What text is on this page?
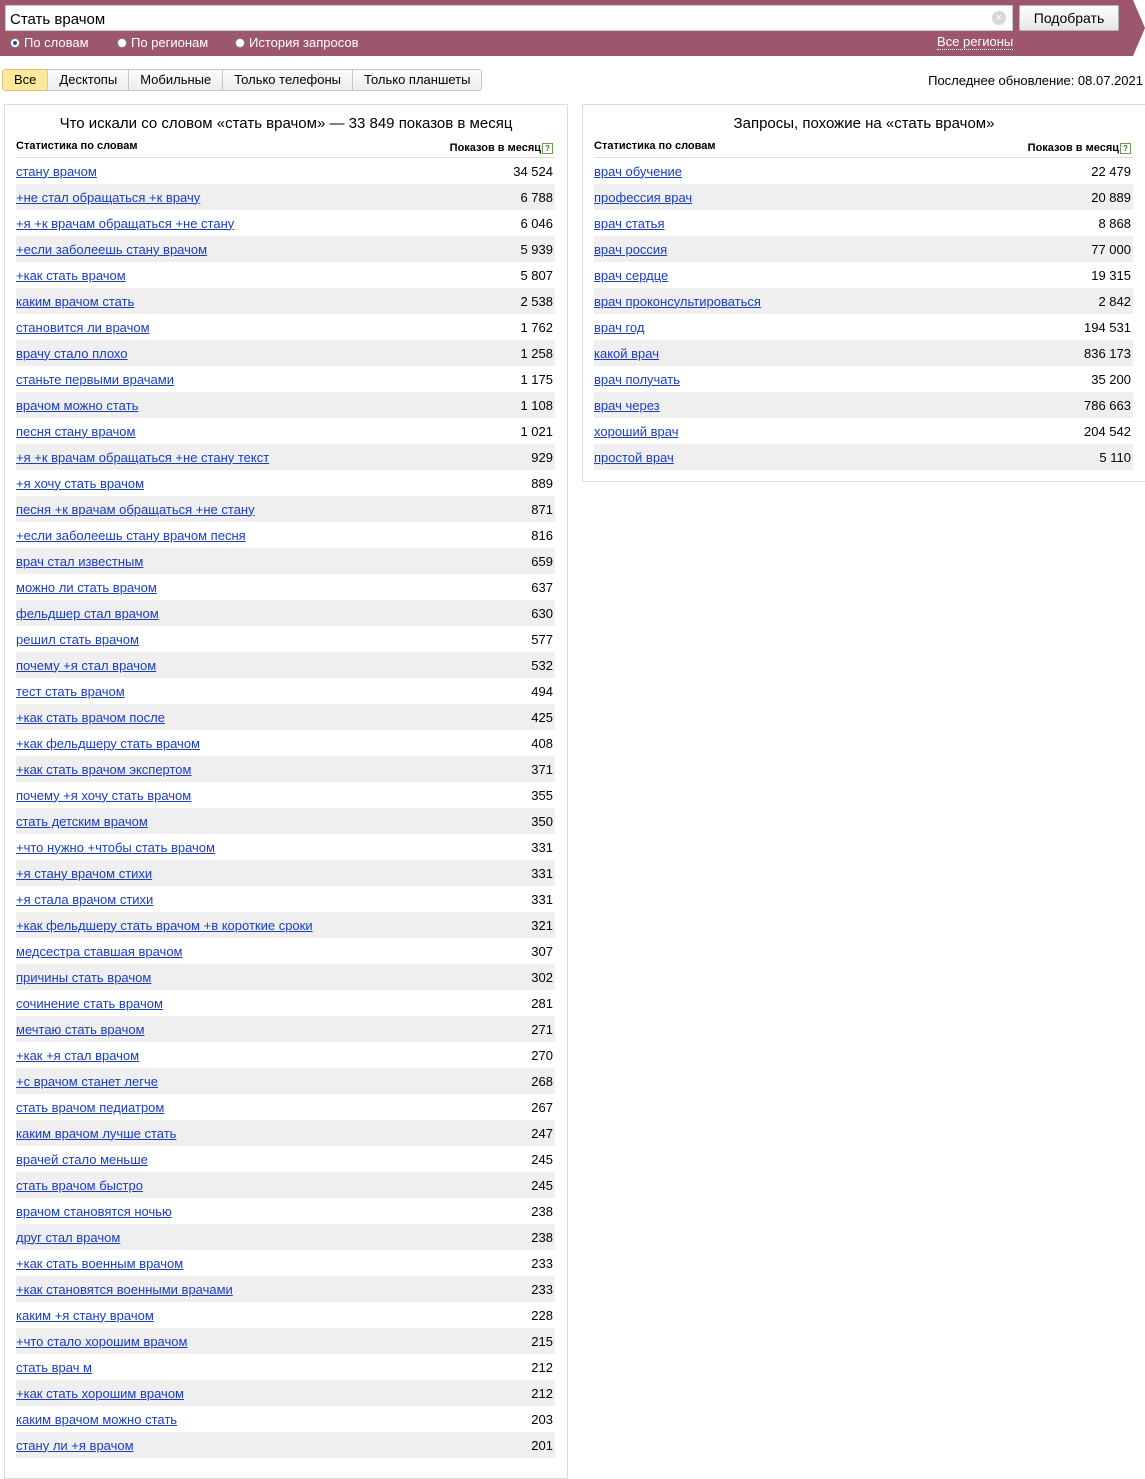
Стать врачом
×	Подобрать
По словам	По регионам	История запросов	Все регионы
Все	Десктопы	Мобильные	Только телефоны	Только планшеты	Последнее обновление: 08.07.2021
Что искали со словом «стать врачом» — 33 849 показов в месяц
Статистика по словам	Показов в месяц ?
стану врачом	34 524
+не стал обращаться +к врачу	6 788
+я +к врачам обращаться +не стану	6 046
+если заболеешь стану врачом	5 939
+как стать врачом	5 807
каким врачом стать	2 538
становится ли врачом	1 762
врачу стало плохо	1 258
станьте первыми врачами	1 175
врачом можно стать	1 108
песня стану врачом	1 021
+я +к врачам обращаться +не стану текст	929
+я хочу стать врачом	889
песня +к врачам обращаться +не стану	871
+если заболеешь стану врачом песня	816
врач стал известным	659
можно ли стать врачом	637
фельдшер стал врачом	630
решил стать врачом	577
почему +я стал врачом	532
тест стать врачом	494
+как стать врачом после	425
+как фельдшеру стать врачом	408
+как стать врачом экспертом	371
почему +я хочу стать врачом	355
стать детским врачом	350
+что нужно +чтобы стать врачом	331
+я стану врачом стихи	331
+я стала врачом стихи	331
+как фельдшеру стать врачом +в короткие сроки	321
медсестра ставшая врачом	307
причины стать врачом	302
сочинение стать врачом	281
мечтаю стать врачом	271
+как +я стал врачом	270
+с врачом станет легче	268
стать врачом педиатром	267
каким врачом лучше стать	247
врачей стало меньше	245
стать врачом быстро	245
врачом становятся ночью	238
друг стал врачом	238
+как стать военным врачом	233
+как становятся военными врачами	233
каким +я стану врачом	228
+что стало хорошим врачом	215
стать врач м	212
+как стать хорошим врачом	212
каким врачом можно стать	203
стану ли +я врачом	201
Запросы, похожие на «стать врачом»
Статистика по словам	Показов в месяц ?
врач обучение	22 479
профессия врач	20 889
врач статья	8 868
врач россия	77 000
врач сердце	19 315
врач проконсультироваться	2 842
врач год	194 531
какой врач	836 173
врач получать	35 200
врач через	786 663
хороший врач	204 542
простой врач	5 110
